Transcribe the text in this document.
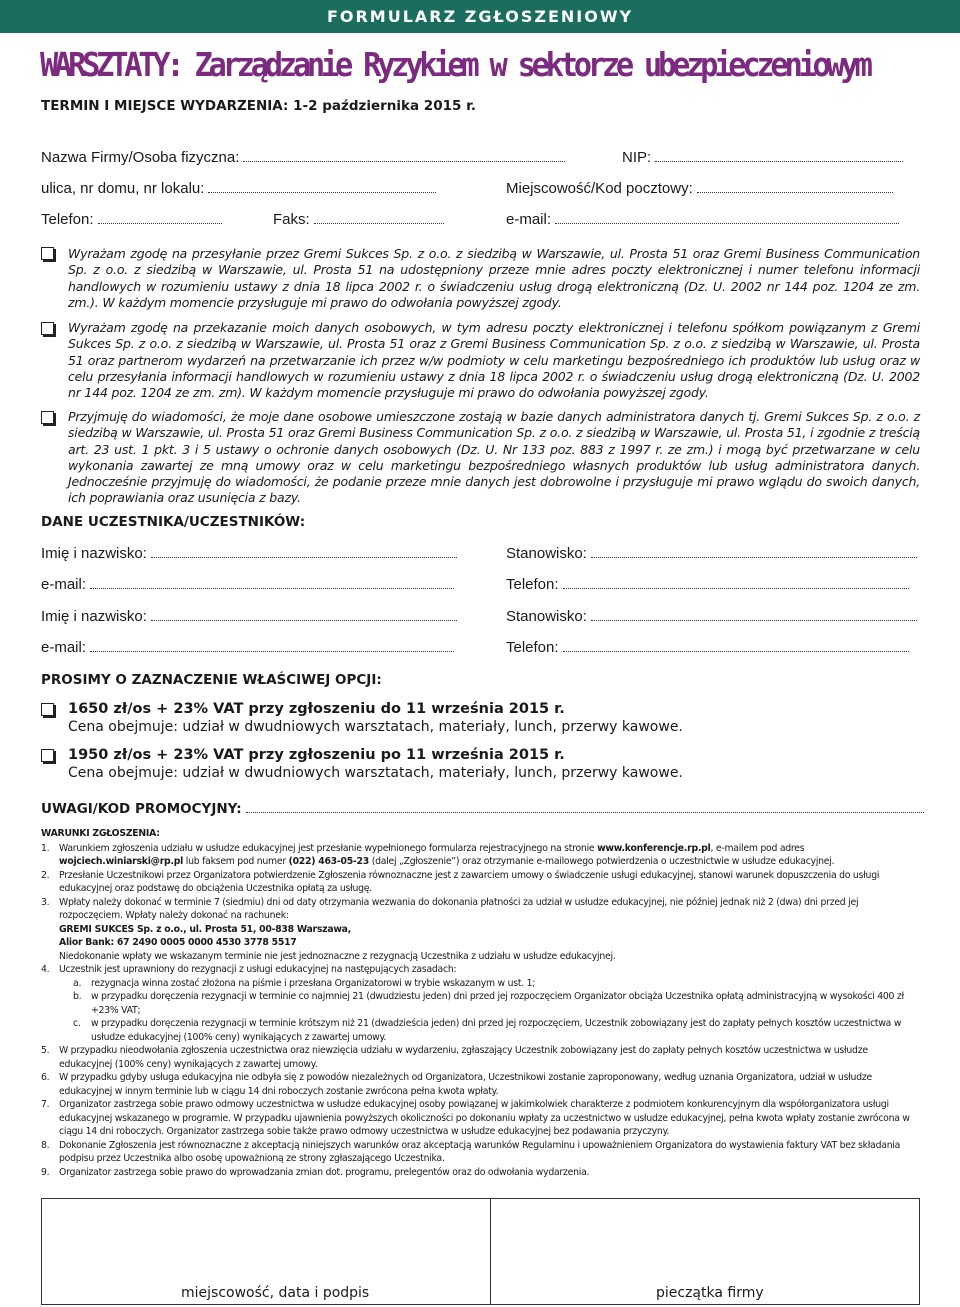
FORMULARZ ZGŁOSZENIOWY
WARSZTATY: Zarządzanie Ryzykiem w sektorze ubezpieczeniowym
TERMIN I MIEJSCE WYDARZENIA: 1-2 października 2015 r.
Nazwa Firmy/Osoba fizyczna:	NIP:
ulica, nr domu, nr lokalu:	Miejscowość/Kod pocztowy:
Telefon:	Faks:	e-mail:
Wyrażam zgodę na przesyłanie przez Gremi Sukces Sp. z o.o. z siedzibą w Warszawie, ul. Prosta 51 oraz Gremi Business Communication Sp. z o.o. z siedzibą w Warszawie, ul. Prosta 51 na udostępniony przeze mnie adres poczty elektronicznej i numer telefonu informacji handlowych w rozumieniu ustawy z dnia 18 lipca 2002 r. o świadczeniu usług drogą elektroniczną (Dz. U. 2002 nr 144 poz. 1204 ze zm. zm.). W każdym momencie przysługuje mi prawo do odwołania powyższej zgody.
Wyrażam zgodę na przekazanie moich danych osobowych, w tym adresu poczty elektronicznej i telefonu spółkom powiązanym z Gremi Sukces Sp. z o.o. z siedzibą w Warszawie, ul. Prosta 51 oraz z Gremi Business Communication Sp. z o.o. z siedzibą w Warszawie, ul. Prosta 51 oraz partnerom wydarzeń na przetwarzanie ich przez w/w podmioty w celu marketingu bezpośredniego ich produktów lub usług oraz w celu przesyłania informacji handlowych w rozumieniu ustawy z dnia 18 lipca 2002 r. o świadczeniu usług drogą elektroniczną (Dz. U. 2002 nr 144 poz. 1204 ze zm. zm). W każdym momencie przysługuje mi prawo do odwołania powyższej zgody.
Przyjmuję do wiadomości, że moje dane osobowe umieszczone zostają w bazie danych administratora danych tj. Gremi Sukces Sp. z o.o. z siedzibą w Warszawie, ul. Prosta 51 oraz Gremi Business Communication Sp. z o.o. z siedzibą w Warszawie, ul. Prosta 51, i zgodnie z treścią art. 23 ust. 1 pkt. 3 i 5 ustawy o ochronie danych osobowych (Dz. U. Nr 133 poz. 883 z 1997 r. ze zm.) i mogą być przetwarzane w celu wykonania zawartej ze mną umowy oraz w celu marketingu bezpośredniego własnych produktów lub usług administratora danych. Jednocześnie przyjmuję do wiadomości, że podanie przeze mnie danych jest dobrowolne i przysługuje mi prawo wglądu do swoich danych, ich poprawiania oraz usunięcia z bazy.
DANE UCZESTNIKA/UCZESTNIKÓW:
Imię i nazwisko:	Stanowisko:
e-mail:	Telefon:
Imię i nazwisko:	Stanowisko:
e-mail:	Telefon:
PROSIMY O ZAZNACZENIE WŁAŚCIWEJ OPCJI:
1650 zł/os + 23% VAT przy zgłoszeniu do 11 września 2015 r.
Cena obejmuje: udział w dwudniowych warsztatach, materiały, lunch, przerwy kawowe.
1950 zł/os + 23% VAT przy zgłoszeniu po 11 września 2015 r.
Cena obejmuje: udział w dwudniowych warsztatach, materiały, lunch, przerwy kawowe.
UWAGI/KOD PROMOCYJNY:
WARUNKI ZGŁOSZENIA:
1. Warunkiem zgłoszenia udziału w usłudze edukacyjnej jest przesłanie wypełnionego formularza rejestracyjnego na stronie www.konferencje.rp.pl, e-mailem pod adres
wojciech.winiarski@rp.pl lub faksem pod numer (022) 463-05-23 (dalej „Zgłoszenie”) oraz otrzymanie e-mailowego potwierdzenia o uczestnictwie w usłudze edukacyjnej.
2. Przesłanie Uczestnikowi przez Organizatora potwierdzenie Zgłoszenia równoznaczne jest z zawarciem umowy o świadczenie usługi edukacyjnej, stanowi warunek dopuszczenia do usługi edukacyjnej oraz podstawę do obciążenia Uczestnika opłatą za usługę.
3. Wpłaty należy dokonać w terminie 7 (siedmiu) dni od daty otrzymania wezwania do dokonania płatności za udział w usłudze edukacyjnej, nie później jednak niż 2 (dwa) dni przed jej rozpoczęciem. Wpłaty należy dokonać na rachunek:
GREMI SUKCES Sp. z o.o., ul. Prosta 51, 00-838 Warszawa,
Alior Bank: 67 2490 0005 0000 4530 3778 5517
Niedokonanie wpłaty we wskazanym terminie nie jest jednoznaczne z rezygnacją Uczestnika z udziału w usłudze edukacyjnej.
4. Uczestnik jest uprawniony do rezygnacji z usługi edukacyjnej na następujących zasadach:
a.	rezygnacja winna zostać złożona na piśmie i przesłana Organizatorowi w trybie wskazanym w ust. 1;
b.	w przypadku doręczenia rezygnacji w terminie co najmniej 21 (dwudziestu jeden) dni przed jej rozpoczęciem Organizator obciąża Uczestnika opłatą administracyjną w wysokości 400 zł +23% VAT;
c.	w przypadku doręczenia rezygnacji w terminie krótszym niż 21 (dwadzieścia jeden) dni przed jej rozpoczęciem, Uczestnik zobowiązany jest do zapłaty pełnych kosztów uczestnictwa w usłudze edukacyjnej (100% ceny) wynikających z zawartej umowy.
5. W przypadku nieodwołania zgłoszenia uczestnictwa oraz niewzięcia udziału w wydarzeniu, zgłaszający Uczestnik zobowiązany jest do zapłaty pełnych kosztów uczestnictwa w usłudze edukacyjnej (100% ceny) wynikających z zawartej umowy.
6. W przypadku gdyby usługa edukacyjna nie odbyła się z powodów niezależnych od Organizatora, Uczestnikowi zostanie zaproponowany, według uznania Organizatora, udział w usłudze edukacyjnej w innym terminie lub w ciągu 14 dni roboczych zostanie zwrócona pełna kwota wpłaty.
7. Organizator zastrzega sobie prawo odmowy uczestnictwa w usłudze edukacyjnej osoby powiązanej w jakimkolwiek charakterze z podmiotem konkurencyjnym dla współorganizatora usługi edukacyjnej wskazanego w programie. W przypadku ujawnienia powyższych okoliczności po dokonaniu wpłaty za uczestnictwo w usłudze edukacyjnej, pełna kwota wpłaty zostanie zwrócona w ciągu 14 dni roboczych. Organizator zastrzega sobie także prawo odmowy uczestnictwa w usłudze edukacyjnej bez podawania przyczyny.
8. Dokonanie Zgłoszenia jest równoznaczne z akceptacją niniejszych warunków oraz akceptacją warunków Regulaminu i upoważnieniem Organizatora do wystawienia faktury VAT bez składania podpisu przez Uczestnika albo osobę upoważnioną ze strony zgłaszającego Uczestnika.
9. Organizator zastrzega sobie prawo do wprowadzania zmian dot. programu, prelegentów oraz do odwołania wydarzenia.
miejscowość, data i podpis	pieczątka firmy
